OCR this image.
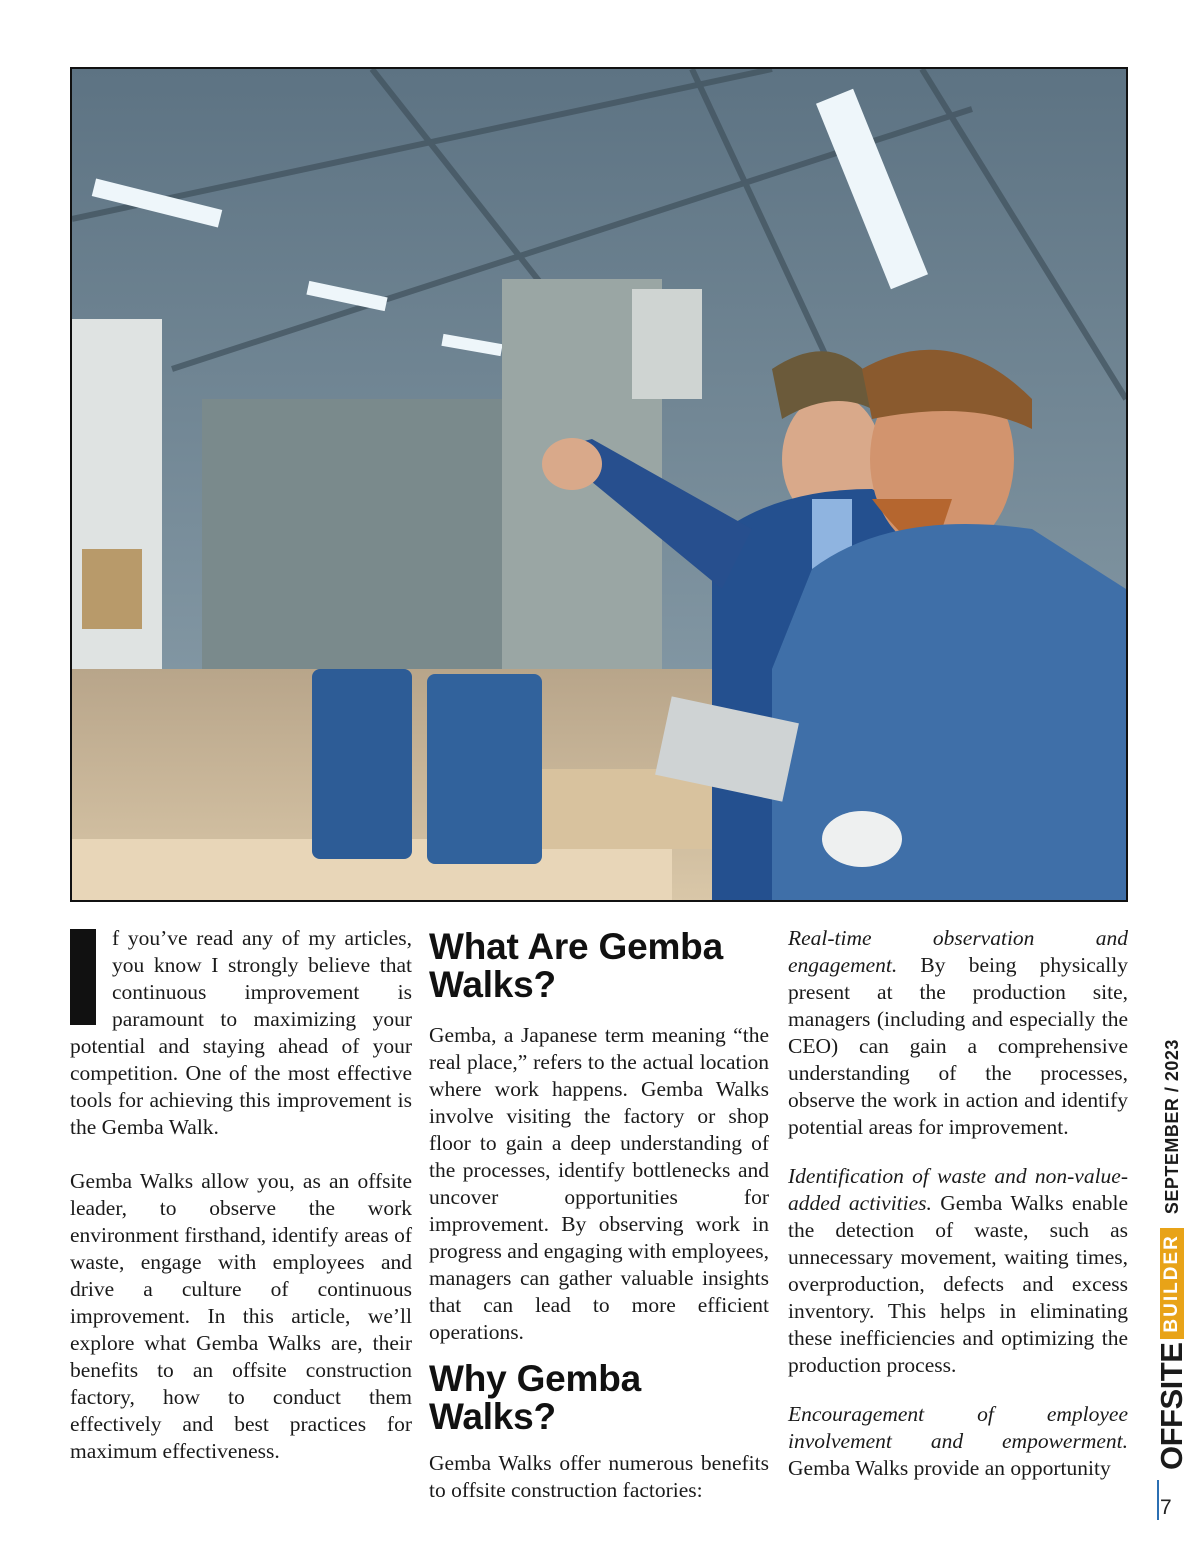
f you’ve read any of my articles, you know I strongly believe that continuous improvement is paramount to maximizing your potential and staying ahead of your competition. One of the most effective tools for achieving this improvement is the Gemba Walk.

Gemba Walks allow you, as an offsite leader, to observe the work environment firsthand, identify areas of waste, engage with employees and drive a culture of continuous improvement. In this article, we’ll explore what Gemba Walks are, their benefits to an offsite construction factory, how to conduct them effectively and best practices for maximum effectiveness.

What Are Gemba Walks?

Gemba, a Japanese term meaning “the real place,” refers to the actual location where work happens. Gemba Walks involve visiting the factory or shop floor to gain a deep understanding of the processes, identify bottlenecks and uncover opportunities for improvement. By observing work in progress and engaging with employees, managers can gather valuable insights that can lead to more efficient operations.

Why Gemba Walks?

Gemba Walks offer numerous benefits to offsite construction factories:

Real-time observation and engagement. By being physically present at the production site, managers (including and especially the CEO) can gain a comprehensive understanding of the processes, observe the work in action and identify potential areas for improvement.

Identification of waste and non-value-added activities. Gemba Walks enable the detection of waste, such as unnecessary movement, waiting times, overproduction, defects and excess inventory. This helps in eliminating these inefficiencies and optimizing the production process.

Encouragement of employee involvement and empowerment. Gemba Walks provide an opportunity	OFFSITE
BUILDER
SEPTEMBER / 2023
7
